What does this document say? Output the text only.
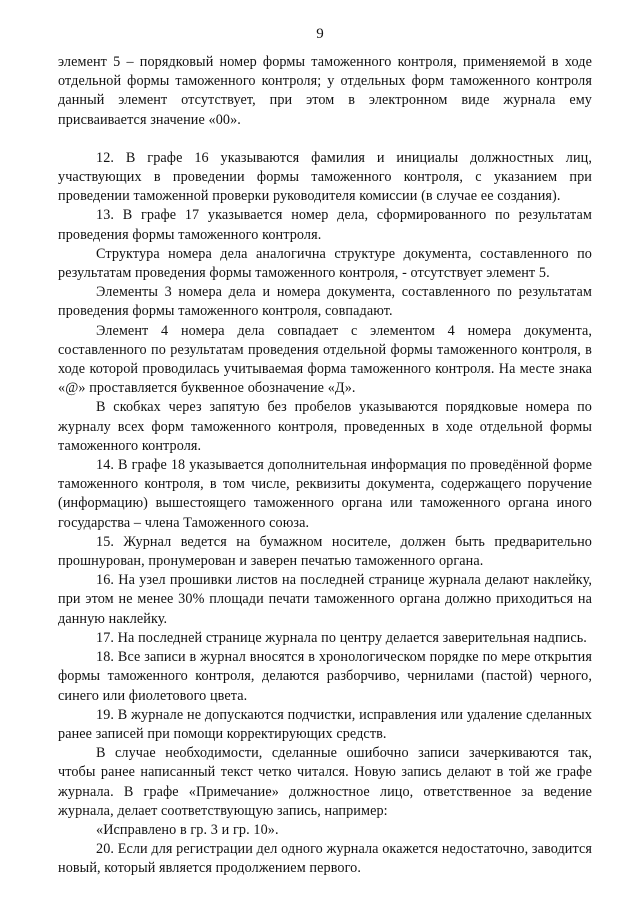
9

элемент 5 – порядковый номер формы таможенного контроля, применяемой в ходе отдельной формы таможенного контроля; у отдельных форм таможенного контроля данный элемент отсутствует, при этом в электронном виде журнала ему присваивается значение «00».

12. В графе 16 указываются фамилия и инициалы должностных лиц, участвующих в проведении формы таможенного контроля, с указанием при проведении таможенной проверки руководителя комиссии (в случае ее создания).

13. В графе 17 указывается номер дела, сформированного по результатам проведения формы таможенного контроля.

Структура номера дела аналогична структуре документа, составленного по результатам проведения формы таможенного контроля, - отсутствует элемент 5.

Элементы 3 номера дела и номера документа, составленного по результатам проведения формы таможенного контроля, совпадают.

Элемент 4 номера дела совпадает с элементом 4 номера документа, составленного по результатам проведения отдельной формы таможенного контроля, в ходе которой проводилась учитываемая форма таможенного контроля. На месте знака «@» проставляется буквенное обозначение «Д».

В скобках через запятую без пробелов указываются порядковые номера по журналу всех форм таможенного контроля, проведенных в ходе отдельной формы таможенного контроля.

14. В графе 18 указывается дополнительная информация по проведённой форме таможенного контроля, в том числе, реквизиты документа, содержащего поручение (информацию) вышестоящего таможенного органа или таможенного органа иного государства – члена Таможенного союза.

15. Журнал ведется на бумажном носителе, должен быть предварительно прошнурован, пронумерован и заверен печатью таможенного органа.

16. На узел прошивки листов на последней странице журнала делают наклейку, при этом не менее 30% площади печати таможенного органа должно приходиться на данную наклейку.

17. На последней странице журнала по центру делается заверительная надпись.

18. Все записи в журнал вносятся в хронологическом порядке по мере открытия формы таможенного контроля, делаются разборчиво, чернилами (пастой) черного, синего или фиолетового цвета.

19. В журнале не допускаются подчистки, исправления или удаление сделанных ранее записей при помощи корректирующих средств.

В случае необходимости, сделанные ошибочно записи зачеркиваются так, чтобы ранее написанный текст четко читался. Новую запись делают в той же графе журнала. В графе «Примечание» должностное лицо, ответственное за ведение журнала, делает соответствующую запись, например:

«Исправлено в гр. 3 и гр. 10».

20. Если для регистрации дел одного журнала окажется недостаточно, заводится новый, который является продолжением первого.
